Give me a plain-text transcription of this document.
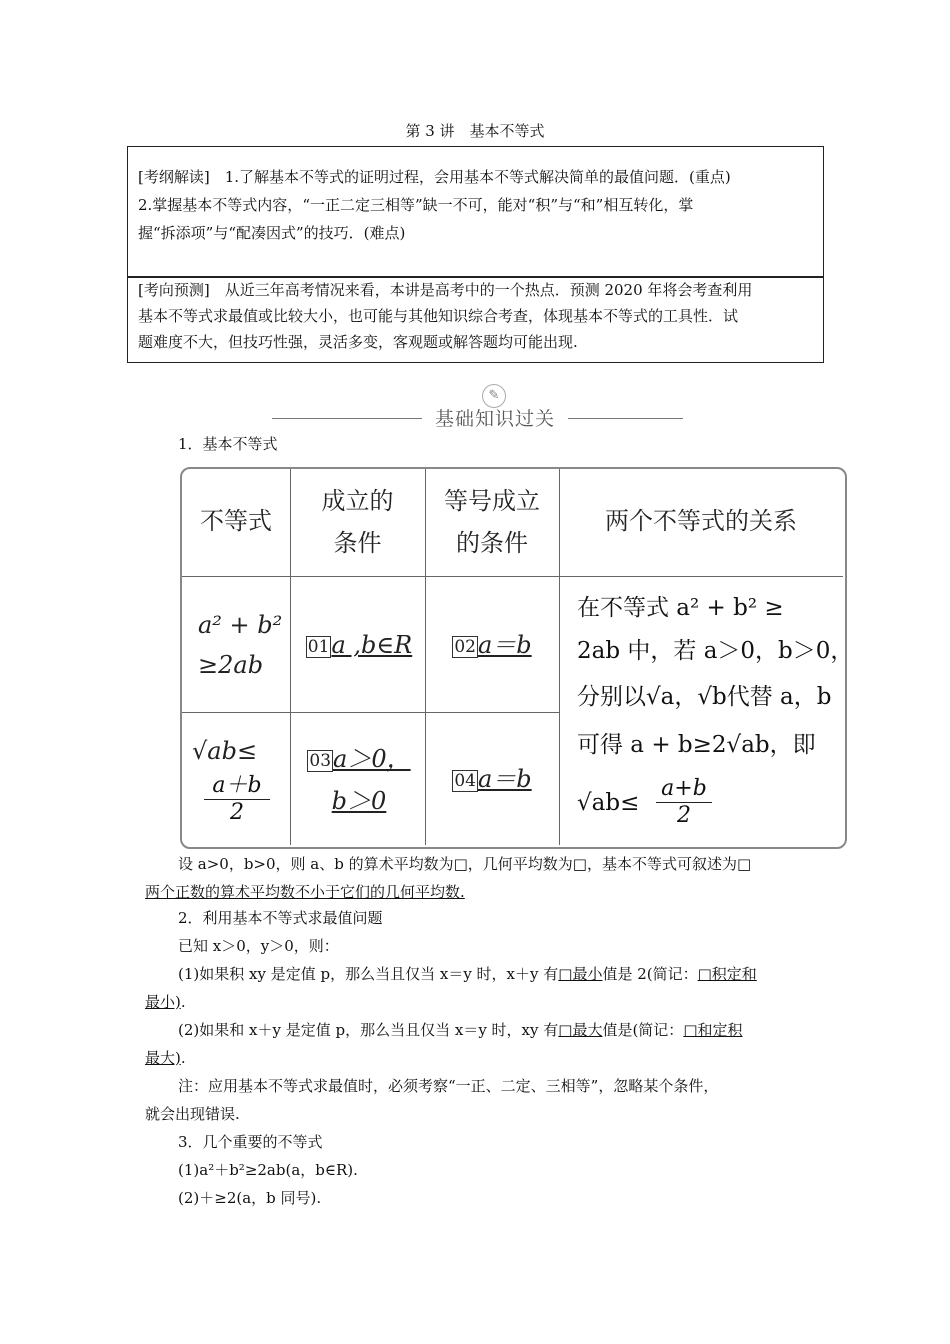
第 3 讲　基本不等式

[考纲解读]　1.了解基本不等式的证明过程，会用基本不等式解决简单的最值问题．(重点)

2.掌握基本不等式内容，“一正二定三相等”缺一不可，能对“积”与“和”相互转化，掌

握“拆添项”与“配凑因式”的技巧．(难点)

[考向预测]　从近三年高考情况来看，本讲是高考中的一个热点．预测 2020 年将会考查利用

基本不等式求最值或比较大小，也可能与其他知识综合考查，体现基本不等式的工具性．试

题难度不大，但技巧性强，灵活多变，客观题或解答题均可能出现.

✎
基础知识过关
1．基本不等式
不等式
成立的
条件
等号成立
的条件
两个不等式的关系
a² + b²
≥2ab
01a ,b∈R	02a＝b
√ab≤
$\frac{a+b}{2}$
03a＞0，
b＞0
04a＝b
在不等式 a² + b² ≥
2ab 中，若 a＞0，b＞0，
分别以√a，√b代替 a，b
可得 a + b≥2√ab，即
$√ab\le \frac{a+b}{2}$
设 a>0，b>0，则 a、b 的算术平均数为□，几何平均数为□，基本不等式可叙述为□
两个正数的算术平均数不小于它们的几何平均数.
2．利用基本不等式求最值问题
已知 x＞0，y＞0，则：
(1)如果积 xy 是定值 p，那么当且仅当 x＝y 时，x＋y 有□最小值是 2(简记：□积定和
最小).
(2)如果和 x＋y 是定值 p，那么当且仅当 x＝y 时，xy 有□最大值是(简记：□和定积
最大).
注：应用基本不等式求最值时，必须考察“一正、二定、三相等”，忽略某个条件，
就会出现错误.
3．几个重要的不等式
(1)a²＋b²≥2ab(a，b∈R).
(2)＋≥2(a，b 同号).
